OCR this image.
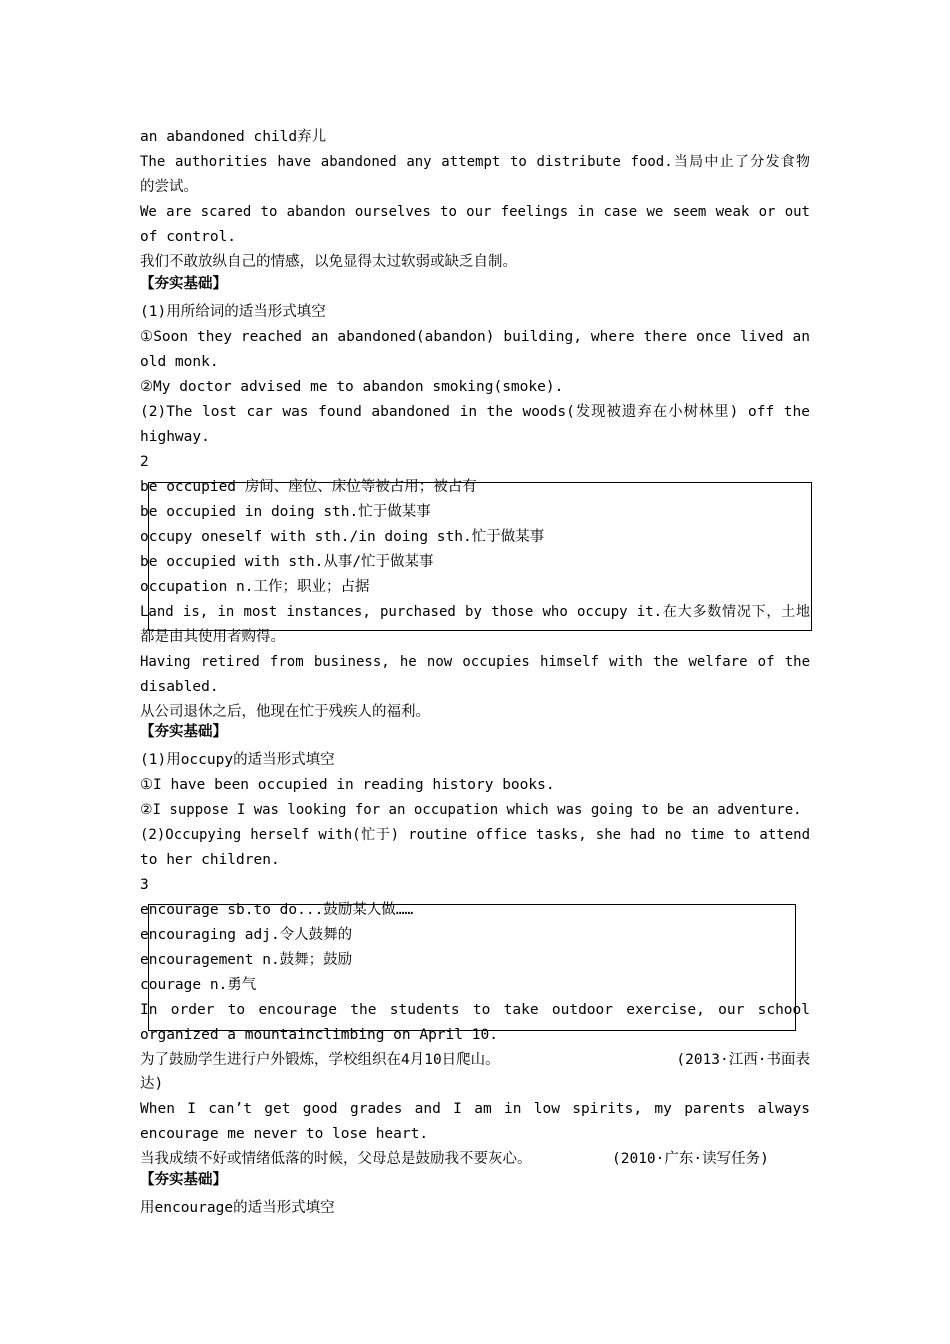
an abandoned child弃儿

The authorities have abandoned any attempt to distribute food.当局中止了分发食物

的尝试。

We are scared to abandon ourselves to our feelings in case we seem weak or out

of control.

我们不敢放纵自己的情感，以免显得太过软弱或缺乏自制。

【夯实基础】

(1)用所给词的适当形式填空

①Soon they reached an abandoned(abandon) building, where there once lived an

old monk.

②My doctor advised me to abandon smoking(smoke).

(2)The lost car was found abandoned in the woods(发现被遗弃在小树林里) off the

highway.

2

be occupied 房间、座位、床位等被占用；被占有

be occupied in doing sth.忙于做某事

occupy oneself with sth./in doing sth.忙于做某事

be occupied with sth.从事/忙于做某事

occupation n.工作；职业；占据

Land is, in most instances, purchased by those who occupy it.在大多数情况下，土地

都是由其使用者购得。

Having retired from business, he now occupies himself with the welfare of the

disabled.

从公司退休之后，他现在忙于残疾人的福利。

【夯实基础】

(1)用occupy的适当形式填空

①I have been occupied in reading history books.

②I suppose I was looking for an occupation which was going to be an adventure.

(2)Occupying herself with(忙于) routine office tasks, she had no time to attend

to her children.

3

encourage sb.to do...鼓励某人做……

encouraging adj.令人鼓舞的

encouragement n.鼓舞；鼓励

courage n.勇气

In order to encourage the students to take outdoor exercise, our school

organized a mountainclimbing on April 10.

为了鼓励学生进行户外锻炼，学校组织在4月10日爬山。	(2013·江西·书面表

达)

When I can’t get good grades and I am in low spirits, my parents always

encourage me never to lose heart.

当我成绩不好或情绪低落的时候，父母总是鼓励我不要灰心。	(2010·广东·读写任务)

【夯实基础】

用encourage的适当形式填空
